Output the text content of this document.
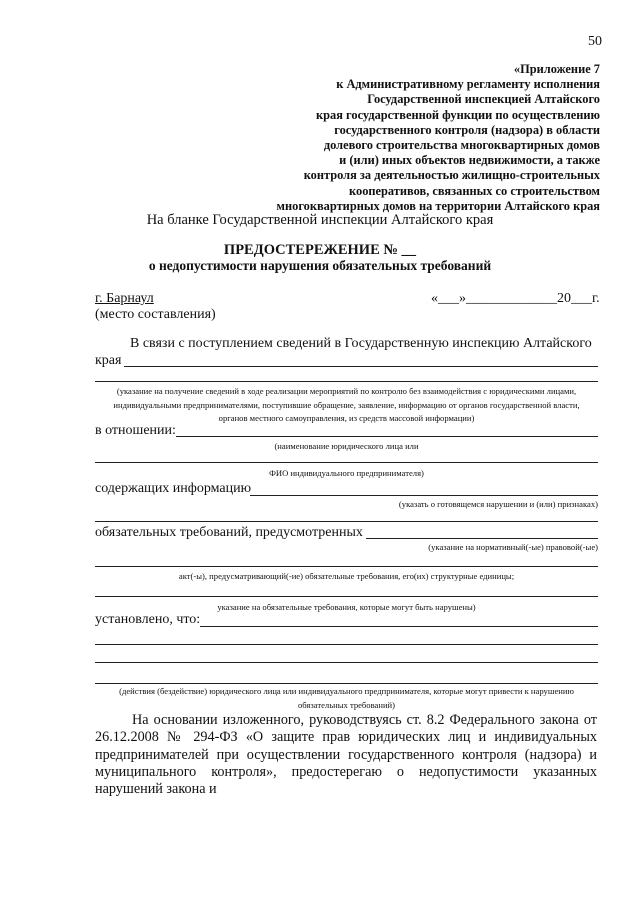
50
«Приложение 7
к Административному регламенту исполнения
Государственной инспекцией Алтайского
края государственной функции по осуществлению
государственного контроля (надзора) в области
долевого строительства многоквартирных домов
и (или) иных объектов недвижимости, а также
контроля за деятельностью жилищно-строительных
кооперативов, связанных со строительством
многоквартирных домов на территории Алтайского края
На бланке Государственной инспекции Алтайского края
ПРЕДОСТЕРЕЖЕНИЕ № __
о недопустимости нарушения обязательных требований
г. Барнаул
(место составления)
«___»_____________20___г.
В связи с поступлением сведений в Государственную инспекцию Алтайского
края
(указание на получение сведений в ходе реализации мероприятий по контролю без взаимодействия с юридическими лицами,
индивидуальными предпринимателями, поступившие обращение, заявление, информацию от органов государственной власти,
органов местного самоуправления, из средств массовой информации)
в отношении:
(наименование юридического лица или
ФИО индивидуального предпринимателя)
содержащих информацию
(указать о готовящемся нарушении и (или) признаках)
обязательных требований, предусмотренных
(указание на нормативный(-ые) правовой(-ые)
акт(-ы), предусматривающий(-ие) обязательные требования, его(их) структурные единицы;
указание на обязательные требования, которые могут быть нарушены)
установлено, что:
(действия (бездействие) юридического лица или индивидуального предпринимателя, которые могут привести к нарушению
обязательных требований)
На основании изложенного, руководствуясь ст. 8.2 Федерального закона от 26.12.2008 № 294-ФЗ «О защите прав юридических лиц и индивидуальных предпринимателей при осуществлении государственного контроля (надзора) и муниципального контроля», предостерегаю о недопустимости указанных нарушений закона и
